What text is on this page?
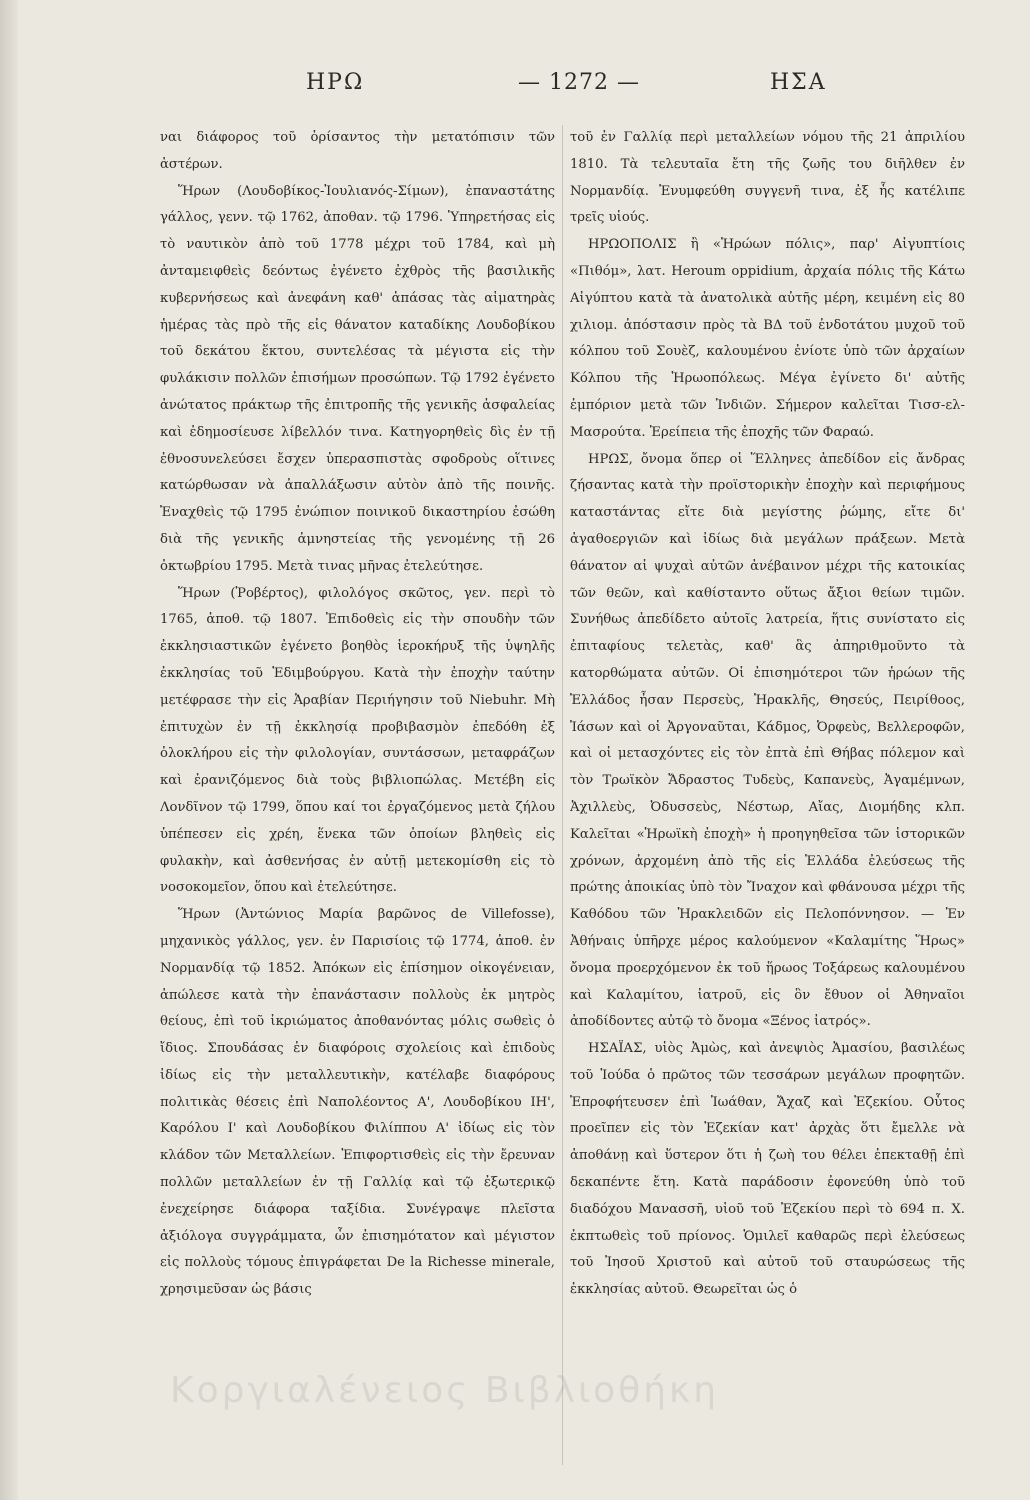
ΗΡΩ	— 1272 —	ΗΣΑ

ναι διάφορος τοῦ ὁρίσαντος τὴν μετατόπισιν τῶν ἀστέρων.

Ἥρων (Λουδοβίκος-Ἰουλιανός-Σίμων), ἐπαναστάτης γάλλος, γενν. τῷ 1762, ἀποθαν. τῷ 1796. Ὑπηρετήσας εἰς τὸ ναυτικὸν ἀπὸ τοῦ 1778 μέχρι τοῦ 1784, καὶ μὴ ἀνταμειφθεὶς δεόντως ἐγένετο ἐχθρὸς τῆς βασιλικῆς κυβερνήσεως καὶ ἀνεφάνη καθ' ἁπάσας τὰς αἱματηρὰς ἡμέρας τὰς πρὸ τῆς εἰς θάνατον καταδίκης Λουδοβίκου τοῦ δεκάτου ἕκτου, συντελέσας τὰ μέγιστα εἰς τὴν φυλάκισιν πολλῶν ἐπισήμων προσώπων. Τῷ 1792 ἐγένετο ἀνώτατος πράκτωρ τῆς ἐπιτροπῆς τῆς γενικῆς ἀσφαλείας καὶ ἐδημοσίευσε λίβελλόν τινα. Κατηγορηθεὶς δὶς ἐν τῇ ἐθνοσυνελεύσει ἔσχεν ὑπερασπιστὰς σφοδροὺς οἵτινες κατώρθωσαν νὰ ἀπαλλάξωσιν αὐτὸν ἀπὸ τῆς ποινῆς. Ἐναχθεὶς τῷ 1795 ἐνώπιον ποινικοῦ δικαστηρίου ἐσώθη διὰ τῆς γενικῆς ἀμνηστείας τῆς γενομένης τῇ 26 ὀκτωβρίου 1795. Μετὰ τινας μῆνας ἐτελεύτησε.

Ἥρων (Ῥοβέρτος), φιλολόγος σκῶτος, γεν. περὶ τὸ 1765, ἀποθ. τῷ 1807. Ἐπιδοθεὶς εἰς τὴν σπουδὴν τῶν ἐκκλησιαστικῶν ἐγένετο βοηθὸς ἱεροκήρυξ τῆς ὑψηλῆς ἐκκλησίας τοῦ Ἐδιμβούργου. Κατὰ τὴν ἐποχὴν ταύτην μετέφρασε τὴν εἰς Ἀραβίαν Περιήγησιν τοῦ Niebuhr. Μὴ ἐπιτυχὼν ἐν τῇ ἐκκλησίᾳ προβιβασμὸν ἐπεδόθη ἐξ ὁλοκλήρου εἰς τὴν φιλολογίαν, συντάσσων, μεταφράζων καὶ ἐρανιζόμενος διὰ τοὺς βιβλιοπώλας. Μετέβη εἰς Λονδῖνον τῷ 1799, ὅπου καί τοι ἐργαζόμενος μετὰ ζήλου ὑπέπεσεν εἰς χρέη, ἕνεκα τῶν ὁποίων βληθεὶς εἰς φυλακὴν, καὶ ἀσθενήσας ἐν αὐτῇ μετεκομίσθη εἰς τὸ νοσοκομεῖον, ὅπου καὶ ἐτελεύτησε.

Ἥρων (Ἀντώνιος Μαρία βαρῶνος de Villefosse), μηχανικὸς γάλλος, γεν. ἐν Παρισίοις τῷ 1774, ἀποθ. ἐν Νορμανδίᾳ τῷ 1852. Ἀπόκων εἰς ἐπίσημον οἰκογένειαν, ἀπώλεσε κατὰ τὴν ἐπανάστασιν πολλοὺς ἐκ μητρὸς θείους, ἐπὶ τοῦ ἰκριώματος ἀποθανόντας μόλις σωθεὶς ὁ ἴδιος. Σπουδάσας ἐν διαφόροις σχολείοις καὶ ἐπιδοὺς ἰδίως εἰς τὴν μεταλλευτικὴν, κατέλαβε διαφόρους πολιτικὰς θέσεις ἐπὶ Ναπολέοντος Α', Λουδοβίκου ΙΗ', Καρόλου Ι' καὶ Λουδοβίκου Φιλίππου Α' ἰδίως εἰς τὸν κλάδον τῶν Μεταλλείων. Ἐπιφορτισθεὶς εἰς τὴν ἔρευναν πολλῶν μεταλλείων ἐν τῇ Γαλλίᾳ καὶ τῷ ἐξωτερικῷ ἐνεχείρησε διάφορα ταξίδια. Συνέγραψε πλεῖστα ἀξιόλογα συγγράμματα, ὧν ἐπισημότατον καὶ μέγιστον εἰς πολλοὺς τόμους ἐπιγράφεται De la Richesse minerale, χρησιμεῦσαν ὡς βάσις

τοῦ ἐν Γαλλίᾳ περὶ μεταλλείων νόμου τῆς 21 ἀπριλίου 1810. Τὰ τελευταῖα ἔτη τῆς ζωῆς του διῆλθεν ἐν Νορμανδίᾳ. Ἐνυμφεύθη συγγενῆ τινα, ἐξ ἧς κατέλιπε τρεῖς υἱούς.

ΗΡΩΟΠΟΛΙΣ ἢ «Ἡρώων πόλις», παρ' Αἰγυπτίοις «Πιθόμ», λατ. Heroum oppidium, ἀρχαία πόλις τῆς Κάτω Αἰγύπτου κατὰ τὰ ἀνατολικὰ αὐτῆς μέρη, κειμένη εἰς 80 χιλιομ. ἀπόστασιν πρὸς τὰ ΒΔ τοῦ ἐνδοτάτου μυχοῦ τοῦ κόλπου τοῦ Σουὲζ, καλουμένου ἐνίοτε ὑπὸ τῶν ἀρχαίων Κόλπου τῆς Ἡρωοπόλεως. Μέγα ἐγίνετο δι' αὐτῆς ἐμπόριον μετὰ τῶν Ἰνδιῶν. Σήμερον καλεῖται Τισσ-ελ-Μασρούτα. Ἐρείπεια τῆς ἐποχῆς τῶν Φαραώ.

ΗΡΩΣ, ὄνομα ὅπερ οἱ Ἕλληνες ἀπεδίδον εἰς ἄνδρας ζήσαντας κατὰ τὴν προϊστορικὴν ἐποχὴν καὶ περιφήμους καταστάντας εἴτε διὰ μεγίστης ῥώμης, εἴτε δι' ἀγαθοεργιῶν καὶ ἰδίως διὰ μεγάλων πράξεων. Μετὰ θάνατον αἱ ψυχαὶ αὐτῶν ἀνέβαινον μέχρι τῆς κατοικίας τῶν θεῶν, καὶ καθίσταντο οὕτως ἄξιοι θείων τιμῶν. Συνήθως ἀπεδίδετο αὐτοῖς λατρεία, ἥτις συνίστατο εἰς ἐπιταφίους τελετὰς, καθ' ἃς ἀπηριθμοῦντο τὰ κατορθώματα αὐτῶν. Οἱ ἐπισημότεροι τῶν ἡρώων τῆς Ἑλλάδος ἦσαν Περσεὺς, Ἡρακλῆς, Θησεύς, Πειρίθοος, Ἰάσων καὶ οἱ Ἀργοναῦται, Κάδμος, Ὀρφεὺς, Βελλεροφῶν, καὶ οἱ μετασχόντες εἰς τὸν ἐπτὰ ἐπὶ Θήβας πόλεμον καὶ τὸν Τρωϊκὸν Ἄδραστος Τυδεὺς, Καπανεὺς, Ἀγαμέμνων, Ἀχιλλεὺς, Ὀδυσσεὺς, Νέστωρ, Αἴας, Διομήδης κλπ. Καλεῖται «Ἡρωϊκὴ ἐποχὴ» ἡ προηγηθεῖσα τῶν ἱστορικῶν χρόνων, ἀρχομένη ἀπὸ τῆς εἰς Ἑλλάδα ἐλεύσεως τῆς πρώτης ἀποικίας ὑπὸ τὸν Ἴναχον καὶ φθάνουσα μέχρι τῆς Καθόδου τῶν Ἡρακλειδῶν εἰς Πελοπόννησον. — Ἐν Ἀθήναις ὑπῆρχε μέρος καλούμενον «Καλαμίτης Ἥρως» ὄνομα προερχόμενον ἐκ τοῦ ἥρωος Τοξάρεως καλουμένου καὶ Καλαμίτου, ἰατροῦ, εἰς ὃν ἔθυον οἱ Ἀθηναῖοι ἀποδίδοντες αὐτῷ τὸ ὄνομα «Ξένος ἰατρός».

ΗΣΑΪΑΣ, υἱὸς Ἀμὼς, καὶ ἀνεψιὸς Ἀμασίου, βασιλέως τοῦ Ἰούδα ὁ πρῶτος τῶν τεσσάρων μεγάλων προφητῶν. Ἐπροφήτευσεν ἐπὶ Ἰωάθαν, Ἄχαζ καὶ Ἐζεκίου. Οὗτος προεῖπεν εἰς τὸν Ἐζεκίαν κατ' ἀρχὰς ὅτι ἔμελλε νὰ ἀποθάνῃ καὶ ὕστερον ὅτι ἡ ζωὴ του θέλει ἐπεκταθῇ ἐπὶ δεκαπέντε ἔτη. Κατὰ παράδοσιν ἐφονεύθη ὑπὸ τοῦ διαδόχου Μανασσῆ, υἱοῦ τοῦ Ἐζεκίου περὶ τὸ 694 π. Χ. ἐκπτωθεὶς τοῦ πρίονος. Ὁμιλεῖ καθαρῶς περὶ ἐλεύσεως τοῦ Ἰησοῦ Χριστοῦ καὶ αὐτοῦ τοῦ σταυρώσεως τῆς ἐκκλησίας αὐτοῦ. Θεωρεῖται ὡς ὁ

Κοργιαλένειος Βιβλιοθήκη
